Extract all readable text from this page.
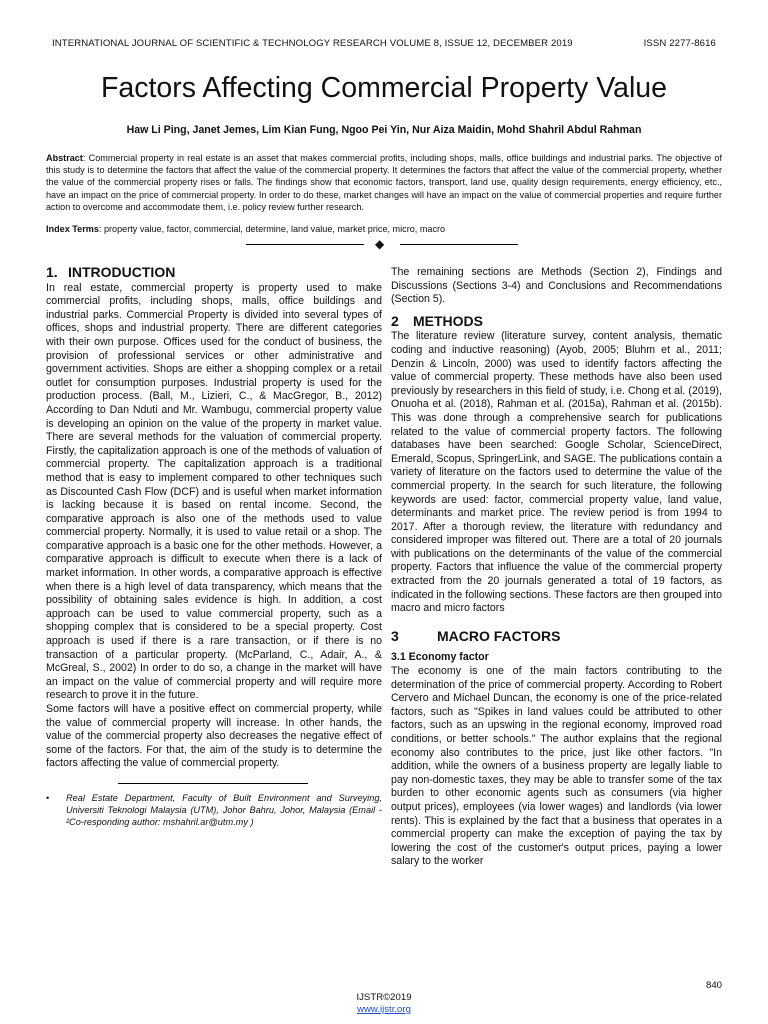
INTERNATIONAL JOURNAL OF SCIENTIFIC & TECHNOLOGY RESEARCH VOLUME 8, ISSUE 12, DECEMBER 2019	ISSN 2277-8616
Factors Affecting Commercial Property Value
Haw Li Ping, Janet Jemes, Lim Kian Fung, Ngoo Pei Yin, Nur Aiza Maidin, Mohd Shahril Abdul Rahman
Abstract: Commercial property in real estate is an asset that makes commercial profits, including shops, malls, office buildings and industrial parks. The objective of this study is to determine the factors that affect the value of the commercial property. It determines the factors that affect the value of the commercial property, whether the value of the commercial property rises or falls. The findings show that economic factors, transport, land use, quality design requirements, energy efficiency, etc., have an impact on the price of commercial property. In order to do these, market changes will have an impact on the value of commercial properties and require further action to overcome and accommodate them, i.e. policy review further research.
Index Terms: property value, factor, commercial, determine, land value, market price, micro, macro
◆
1. INTRODUCTION

In real estate, commercial property is property used to make commercial profits, including shops, malls, office buildings and industrial parks. Commercial Property is divided into several types of offices, shops and industrial property. There are different categories with their own purpose. Offices used for the conduct of business, the provision of professional services or other administrative and government activities. Shops are either a shopping complex or a retail outlet for consumption purposes. Industrial property is used for the production process. (Ball, M., Lizieri, C., & MacGregor, B., 2012) According to Dan Nduti and Mr. Wambugu, commercial property value is developing an opinion on the value of the property in market value. There are several methods for the valuation of commercial property. Firstly, the capitalization approach is one of the methods of valuation of commercial property. The capitalization approach is a traditional method that is easy to implement compared to other techniques such as Discounted Cash Flow (DCF) and is useful when market information is lacking because it is based on rental income. Second, the comparative approach is also one of the methods used to value commercial property. Normally, it is used to value retail or a shop. The comparative approach is a basic one for the other methods. However, a comparative approach is difficult to execute when there is a lack of market information. In other words, a comparative approach is effective when there is a high level of data transparency, which means that the possibility of obtaining sales evidence is high. In addition, a cost approach can be used to value commercial property, such as a shopping complex that is considered to be a special property. Cost approach is used if there is a rare transaction, or if there is no transaction of a particular property. (McParland, C., Adair, A., & McGreal, S., 2002) In order to do so, a change in the market will have an impact on the value of commercial property and will require more research to prove it in the future.

Some factors will have a positive effect on commercial property, while the value of commercial property will increase. In other hands, the value of the commercial property also decreases the negative effect of some of the factors. For that, the aim of the study is to determine the factors affecting the value of commercial property.

•	Real Estate Department, Faculty of Built Environment and Surveying, Universiti Teknologi Malaysia (UTM), Johor Bahru, Johor, Malaysia (Email - ²Co-responding author: mshahril.ar@utm.my )

The remaining sections are Methods (Section 2), Findings and Discussions (Sections 3-4) and Conclusions and Recommendations (Section 5).

2 METHODS

The literature review (literature survey, content analysis, thematic coding and inductive reasoning) (Ayob, 2005; Bluhm et al., 2011; Denzin & Lincoln, 2000) was used to identify factors affecting the value of commercial property. These methods have also been used previously by researchers in this field of study, i.e. Chong et al. (2019), Onuoha et al. (2018), Rahman et al. (2015a), Rahman et al. (2015b). This was done through a comprehensive search for publications related to the value of commercial property factors. The following databases have been searched: Google Scholar, ScienceDirect, Emerald, Scopus, SpringerLink, and SAGE. The publications contain a variety of literature on the factors used to determine the value of the commercial property. In the search for such literature, the following keywords are used: factor, commercial property value, land value, determinants and market price. The review period is from 1994 to 2017. After a thorough review, the literature with redundancy and considered improper was filtered out. There are a total of 20 journals with publications on the determinants of the value of the commercial property. Factors that influence the value of the commercial property extracted from the 20 journals generated a total of 19 factors, as indicated in the following sections. These factors are then grouped into macro and micro factors

3	MACRO FACTORS
3.1 Economy factor

The economy is one of the main factors contributing to the determination of the price of commercial property. According to Robert Cervero and Michael Duncan, the economy is one of the price-related factors, such as "Spikes in land values could be attributed to other factors, such as an upswing in the regional economy, improved road conditions, or better schools." The author explains that the regional economy also contributes to the price, just like other factors. "In addition, while the owners of a business property are legally liable to pay non-domestic taxes, they may be able to transfer some of the tax burden to other economic agents such as consumers (via higher output prices), employees (via lower wages) and landlords (via lower rents). This is explained by the fact that a business that operates in a commercial property can make the exception of paying the tax by lowering the cost of the customer's output prices, paying a lower salary to the worker

840
IJSTR©2019
www.ijstr.org
